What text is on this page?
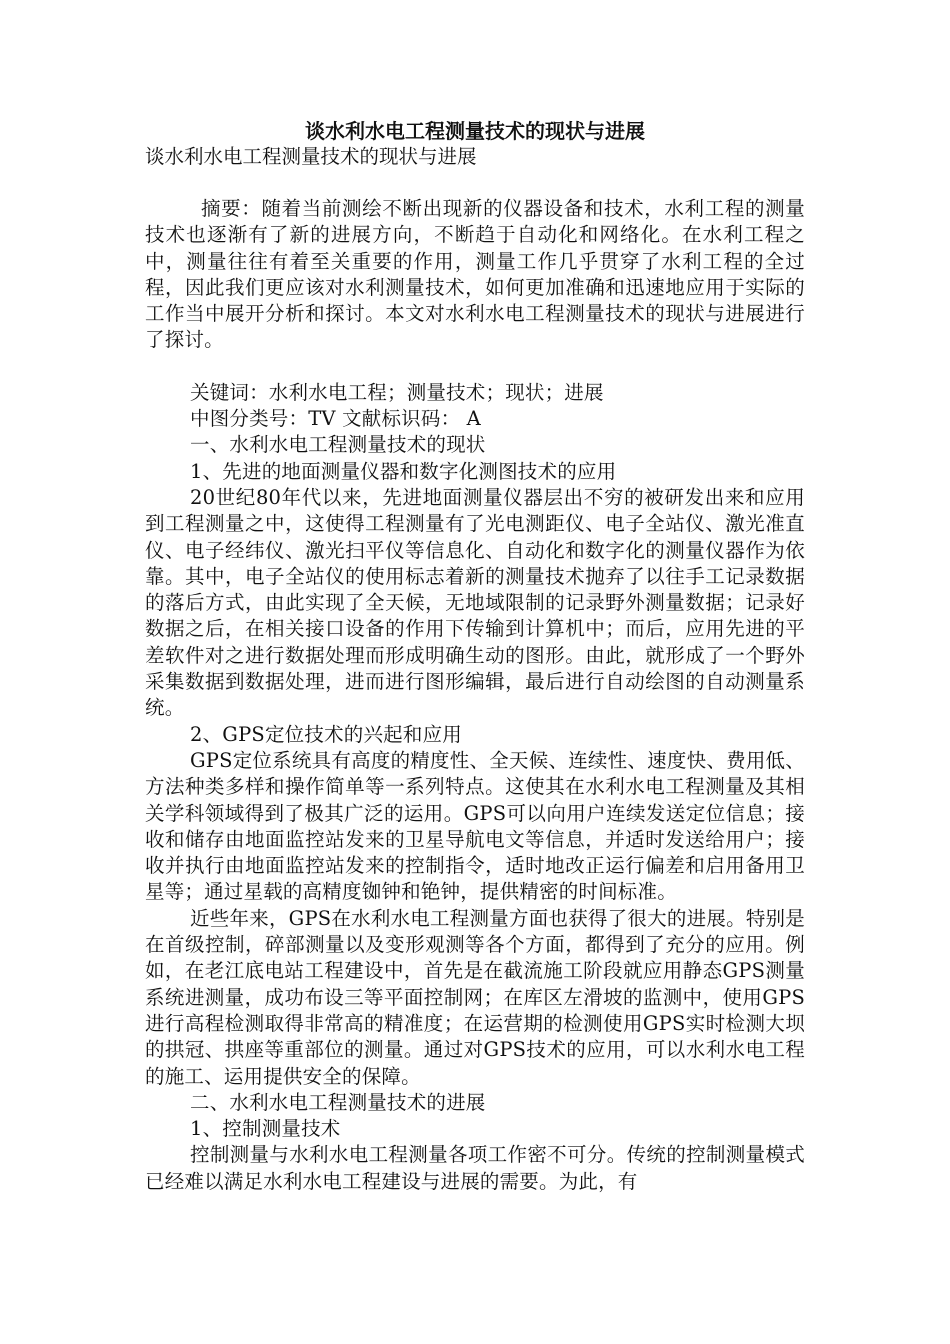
谈水利水电工程测量技术的现状与进展
谈水利水电工程测量技术的现状与进展

摘要：随着当前测绘不断出现新的仪器设备和技术，水利工程的测量技术也逐渐有了新的进展方向，不断趋于自动化和网络化。在水利工程之中，测量往往有着至关重要的作用，测量工作几乎贯穿了水利工程的全过程，因此我们更应该对水利测量技术，如何更加准确和迅速地应用于实际的工作当中展开分析和探讨。本文对水利水电工程测量技术的现状与进展进行了探讨。

关键词：水利水电工程；测量技术；现状；进展

中图分类号：TV 文献标识码： A

一、水利水电工程测量技术的现状

1、先进的地面测量仪器和数字化测图技术的应用

20世纪80年代以来，先进地面测量仪器层出不穷的被研发出来和应用到工程测量之中，这使得工程测量有了光电测距仪、电子全站仪、激光准直仪、电子经纬仪、激光扫平仪等信息化、自动化和数字化的测量仪器作为依靠。其中，电子全站仪的使用标志着新的测量技术抛弃了以往手工记录数据的落后方式，由此实现了全天候，无地域限制的记录野外测量数据；记录好数据之后，在相关接口设备的作用下传输到计算机中；而后，应用先进的平差软件对之进行数据处理而形成明确生动的图形。由此，就形成了一个野外采集数据到数据处理，进而进行图形编辑，最后进行自动绘图的自动测量系统。

2、GPS定位技术的兴起和应用

GPS定位系统具有高度的精度性、全天候、连续性、速度快、费用低、方法种类多样和操作简单等一系列特点。这使其在水利水电工程测量及其相关学科领域得到了极其广泛的运用。GPS可以向用户连续发送定位信息；接收和储存由地面监控站发来的卫星导航电文等信息，并适时发送给用户；接收并执行由地面监控站发来的控制指令，适时地改正运行偏差和启用备用卫星等；通过星载的高精度铷钟和铯钟，提供精密的时间标准。

近些年来，GPS在水利水电工程测量方面也获得了很大的进展。特别是在首级控制，碎部测量以及变形观测等各个方面，都得到了充分的应用。例如，在老江底电站工程建设中，首先是在截流施工阶段就应用静态GPS测量系统进测量，成功布设三等平面控制网；在库区左滑坡的监测中，使用GPS进行高程检测取得非常高的精准度；在运营期的检测使用GPS实时检测大坝的拱冠、拱座等重部位的测量。通过对GPS技术的应用，可以水利水电工程的施工、运用提供安全的保障。

二、水利水电工程测量技术的进展

1、控制测量技术

控制测量与水利水电工程测量各项工作密不可分。传统的控制测量模式已经难以满足水利水电工程建设与进展的需要。为此，有
